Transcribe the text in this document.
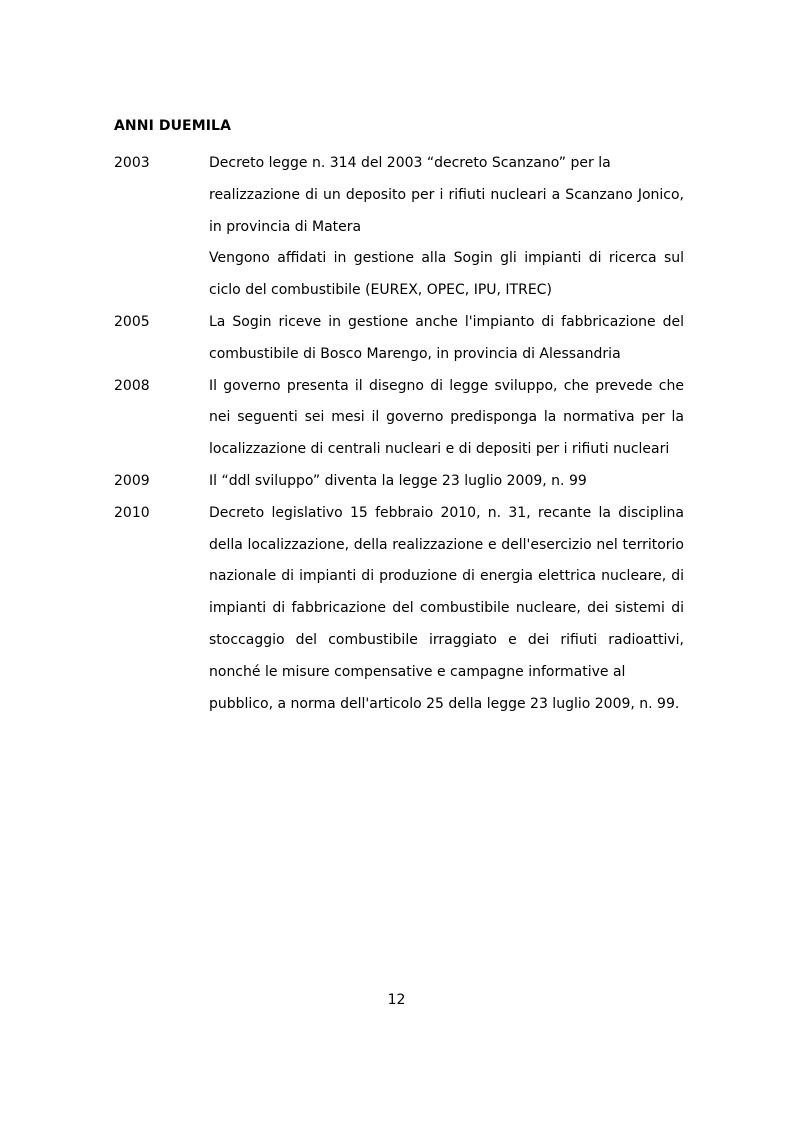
ANNI DUEMILA
2003	Decreto legge n. 314 del 2003 “decreto Scanzano” per la
realizzazione di un deposito per i rifiuti nucleari a Scanzano Jonico,
in provincia di Matera
Vengono affidati in gestione alla Sogin gli impianti di ricerca sul
ciclo del combustibile (EUREX, OPEC, IPU, ITREC)
2005	La Sogin riceve in gestione anche l'impianto di fabbricazione del
combustibile di Bosco Marengo, in provincia di Alessandria
2008	Il governo presenta il disegno di legge sviluppo, che prevede che
nei seguenti sei mesi il governo predisponga la normativa per la
localizzazione di centrali nucleari e di depositi per i rifiuti nucleari
2009	Il “ddl sviluppo” diventa la legge 23 luglio 2009, n. 99
2010	Decreto legislativo 15 febbraio 2010, n. 31, recante la disciplina
della localizzazione, della realizzazione e dell'esercizio nel territorio
nazionale di impianti di produzione di energia elettrica nucleare, di
impianti di fabbricazione del combustibile nucleare, dei sistemi di
stoccaggio del combustibile irraggiato e dei rifiuti radioattivi,
nonché le misure compensative e campagne informative al
pubblico, a norma dell'articolo 25 della legge 23 luglio 2009, n. 99.
12
